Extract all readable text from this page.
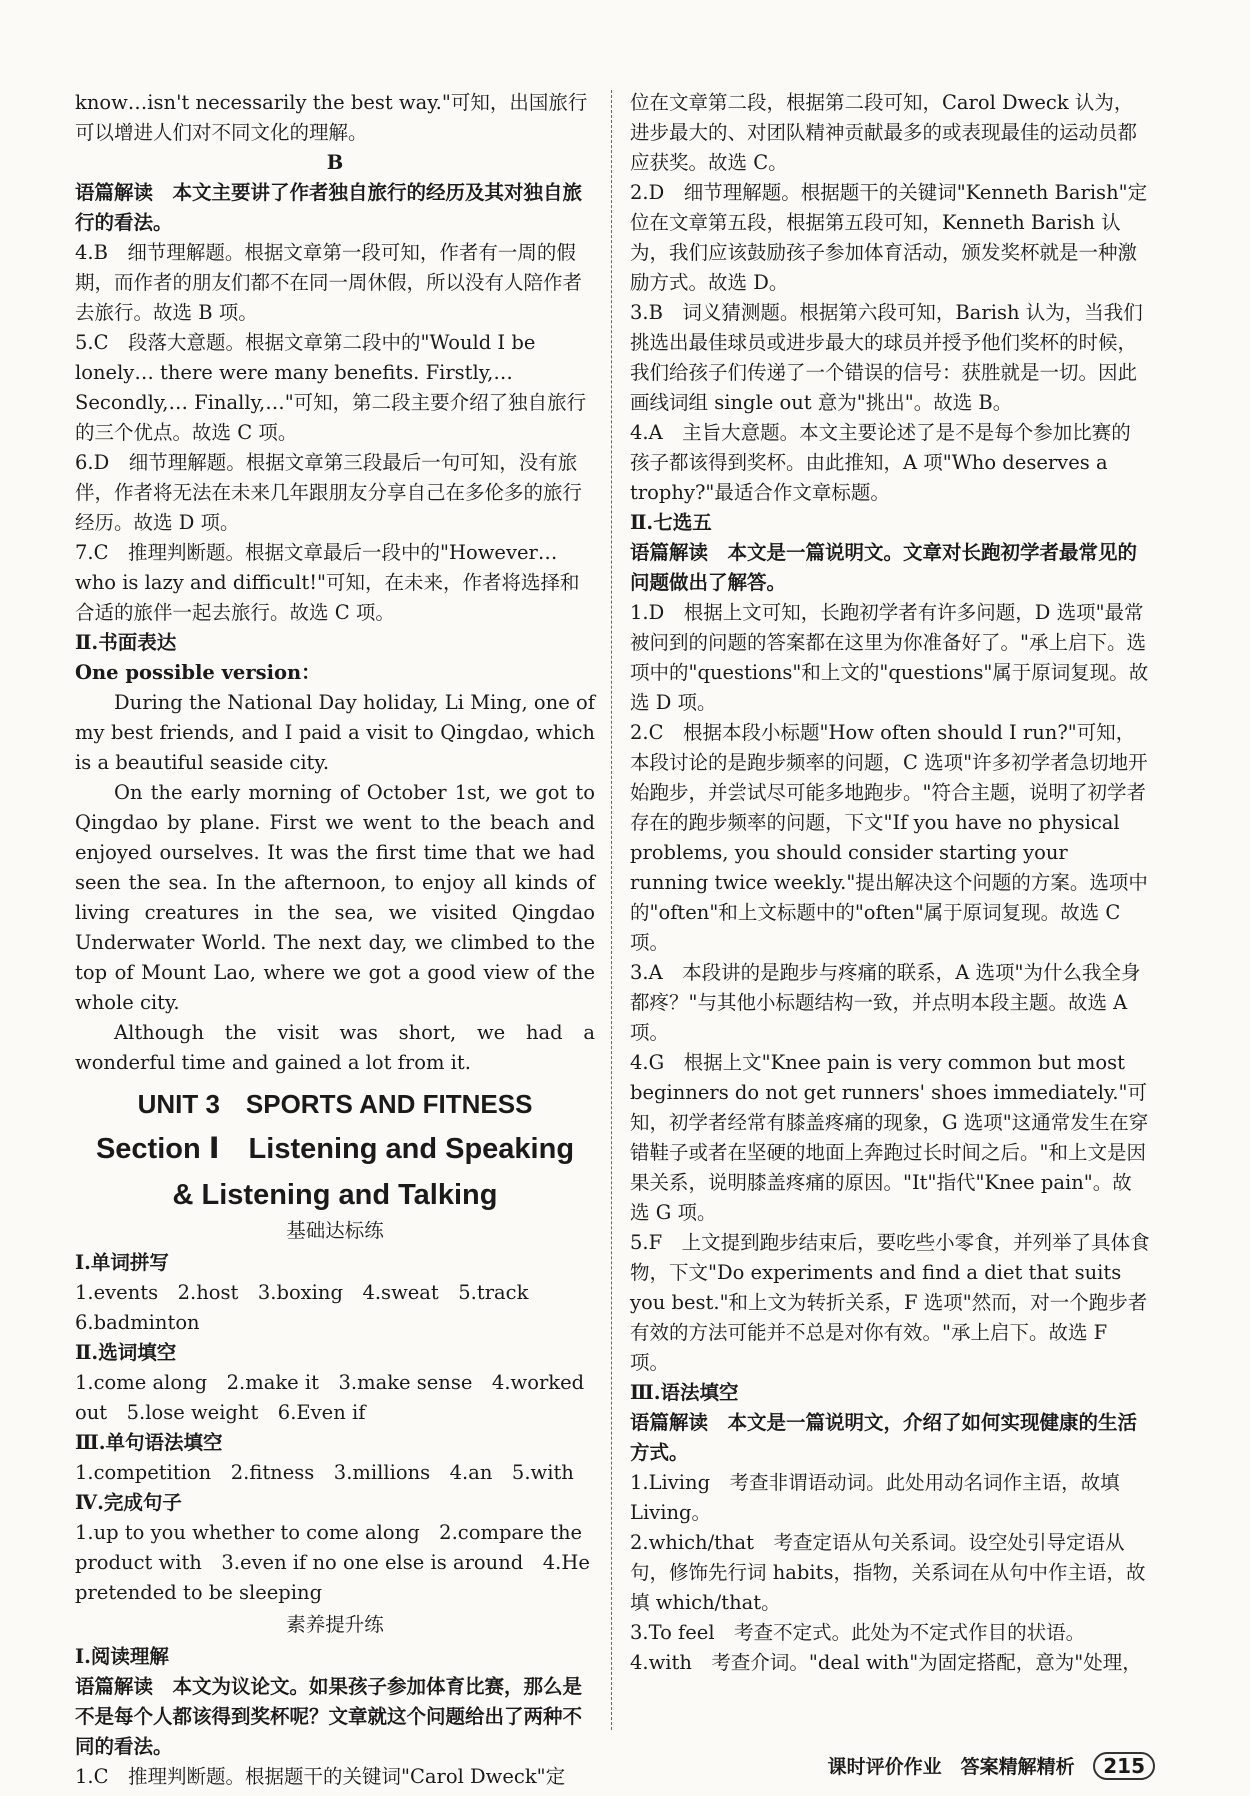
know…isn't necessarily the best way."可知，出国旅行可以增进人们对不同文化的理解。

B

语篇解读　本文主要讲了作者独自旅行的经历及其对独自旅行的看法。

4.B　细节理解题。根据文章第一段可知，作者有一周的假期，而作者的朋友们都不在同一周休假，所以没有人陪作者去旅行。故选 B 项。

5.C　段落大意题。根据文章第二段中的"Would I be lonely… there were many benefits. Firstly,… Secondly,… Finally,…"可知，第二段主要介绍了独自旅行的三个优点。故选 C 项。

6.D　细节理解题。根据文章第三段最后一句可知，没有旅伴，作者将无法在未来几年跟朋友分享自己在多伦多的旅行经历。故选 D 项。

7.C　推理判断题。根据文章最后一段中的"However… who is lazy and difficult!"可知，在未来，作者将选择和合适的旅伴一起去旅行。故选 C 项。

Ⅱ.书面表达

One possible version：

During the National Day holiday, Li Ming, one of my best friends, and I paid a visit to Qingdao, which is a beautiful seaside city.

On the early morning of October 1st, we got to Qingdao by plane. First we went to the beach and enjoyed ourselves. It was the first time that we had seen the sea. In the afternoon, to enjoy all kinds of living creatures in the sea, we visited Qingdao Underwater World. The next day, we climbed to the top of Mount Lao, where we got a good view of the whole city.

Although the visit was short, we had a wonderful time and gained a lot from it.

UNIT 3　SPORTS AND FITNESS

Section Ⅰ　Listening and Speaking

& Listening and Talking

基础达标练

Ⅰ.单词拼写

1.events　2.host　3.boxing　4.sweat　5.track　6.badminton

Ⅱ.选词填空

1.come along　2.make it　3.make sense　4.worked out　5.lose weight　6.Even if

Ⅲ.单句语法填空

1.competition　2.fitness　3.millions　4.an　5.with

Ⅳ.完成句子

1.up to you whether to come along　2.compare the product with　3.even if no one else is around　4.He pretended to be sleeping

素养提升练

Ⅰ.阅读理解

语篇解读　本文为议论文。如果孩子参加体育比赛，那么是不是每个人都该得到奖杯呢？文章就这个问题给出了两种不同的看法。

1.C　推理判断题。根据题干的关键词"Carol Dweck"定

位在文章第二段，根据第二段可知，Carol Dweck 认为，进步最大的、对团队精神贡献最多的或表现最佳的运动员都应获奖。故选 C。

2.D　细节理解题。根据题干的关键词"Kenneth Barish"定位在文章第五段，根据第五段可知，Kenneth Barish 认为，我们应该鼓励孩子参加体育活动，颁发奖杯就是一种激励方式。故选 D。

3.B　词义猜测题。根据第六段可知，Barish 认为，当我们挑选出最佳球员或进步最大的球员并授予他们奖杯的时候，我们给孩子们传递了一个错误的信号：获胜就是一切。因此画线词组 single out 意为"挑出"。故选 B。

4.A　主旨大意题。本文主要论述了是不是每个参加比赛的孩子都该得到奖杯。由此推知，A 项"Who deserves a trophy?"最适合作文章标题。

Ⅱ.七选五

语篇解读　本文是一篇说明文。文章对长跑初学者最常见的问题做出了解答。

1.D　根据上文可知，长跑初学者有许多问题，D 选项"最常被问到的问题的答案都在这里为你准备好了。"承上启下。选项中的"questions"和上文的"questions"属于原词复现。故选 D 项。

2.C　根据本段小标题"How often should I run?"可知，本段讨论的是跑步频率的问题，C 选项"许多初学者急切地开始跑步，并尝试尽可能多地跑步。"符合主题，说明了初学者存在的跑步频率的问题，下文"If you have no physical problems, you should consider starting your running twice weekly."提出解决这个问题的方案。选项中的"often"和上文标题中的"often"属于原词复现。故选 C 项。

3.A　本段讲的是跑步与疼痛的联系，A 选项"为什么我全身都疼？"与其他小标题结构一致，并点明本段主题。故选 A 项。

4.G　根据上文"Knee pain is very common but most beginners do not get runners' shoes immediately."可知，初学者经常有膝盖疼痛的现象，G 选项"这通常发生在穿错鞋子或者在坚硬的地面上奔跑过长时间之后。"和上文是因果关系，说明膝盖疼痛的原因。"It"指代"Knee pain"。故选 G 项。

5.F　上文提到跑步结束后，要吃些小零食，并列举了具体食物，下文"Do experiments and find a diet that suits you best."和上文为转折关系，F 选项"然而，对一个跑步者有效的方法可能并不总是对你有效。"承上启下。故选 F 项。

Ⅲ.语法填空

语篇解读　本文是一篇说明文，介绍了如何实现健康的生活方式。

1.Living　考查非谓语动词。此处用动名词作主语，故填 Living。

2.which/that　考查定语从句关系词。设空处引导定语从句，修饰先行词 habits，指物，关系词在从句中作主语，故填 which/that。

3.To feel　考查不定式。此处为不定式作目的状语。

4.with　考查介词。"deal with"为固定搭配，意为"处理，

课时评价作业　答案精解精析 215
